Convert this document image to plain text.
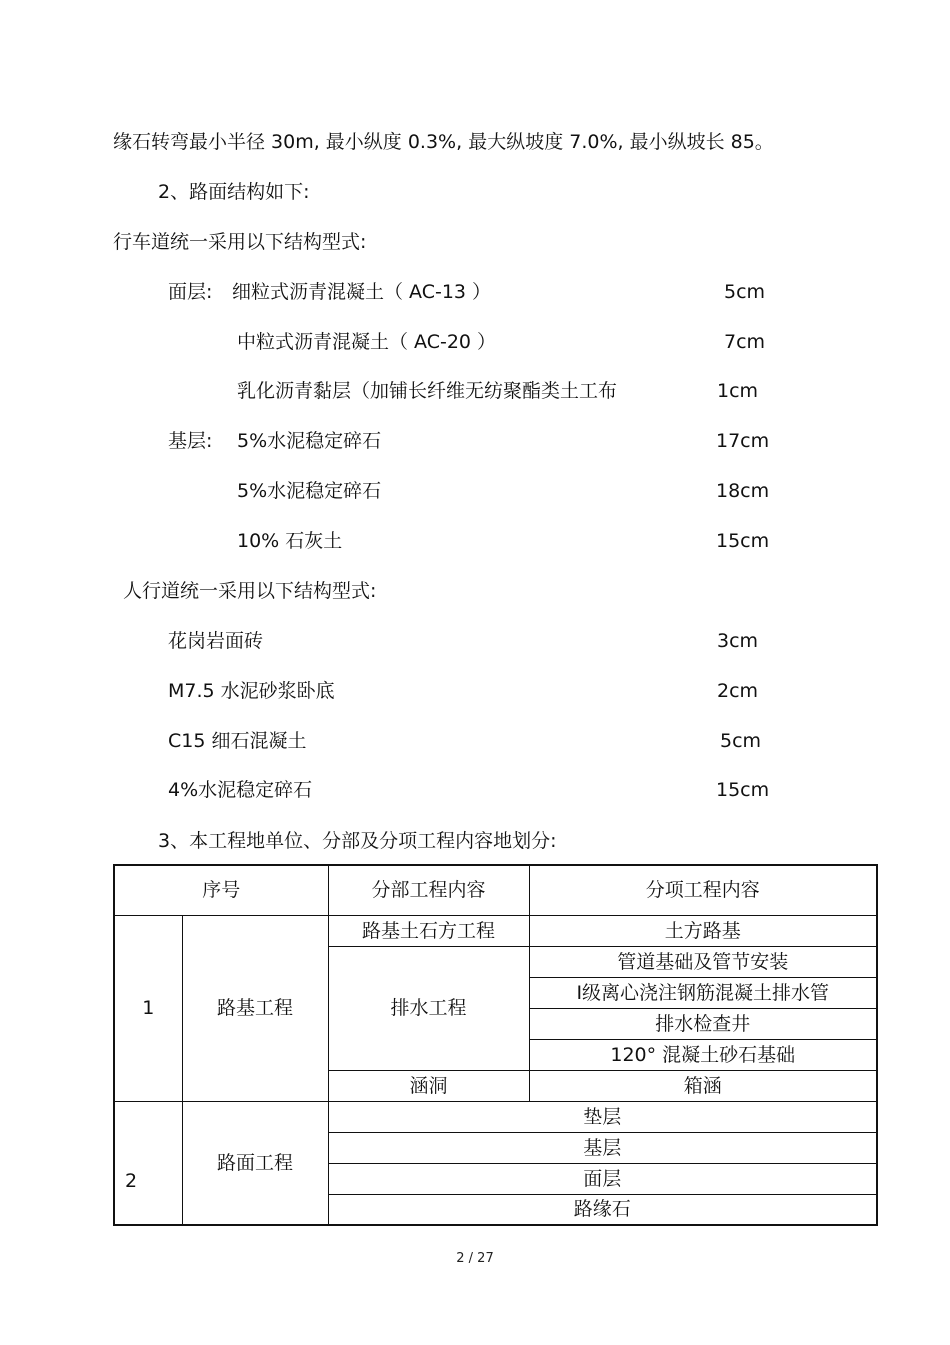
缘石转弯最小半径 30m, 最小纵度 0.3%, 最大纵坡度 7.0%, 最小纵坡长 85。
2、路面结构如下:
行车道统一采用以下结构型式:
面层: 细粒式沥青混凝土（ AC-13 ）	5cm
中粒式沥青混凝土（ AC-20 ）	7cm
乳化沥青黏层（加铺长纤维无纺聚酯类土工布	1cm
基层: 5%水泥稳定碎石	17cm
5%水泥稳定碎石	18cm
10% 石灰土	15cm
人行道统一采用以下结构型式:
花岗岩面砖	3cm
M7.5 水泥砂浆卧底	2cm
C15 细石混凝土	5cm
4%水泥稳定碎石	15cm
3、本工程地单位、分部及分项工程内容地划分:
序号		分部工程内容	分项工程内容
1	路基工程	路基土石方工程	土方路基
		排水工程	管道基础及管节安装
			Ⅰ级离心浇注钢筋混凝土排水管
			排水检查井
			120° 混凝土砂石基础
		涵洞	箱涵
2	路面工程	垫层	
		基层	
		面层	
		路缘石	
2 / 27
